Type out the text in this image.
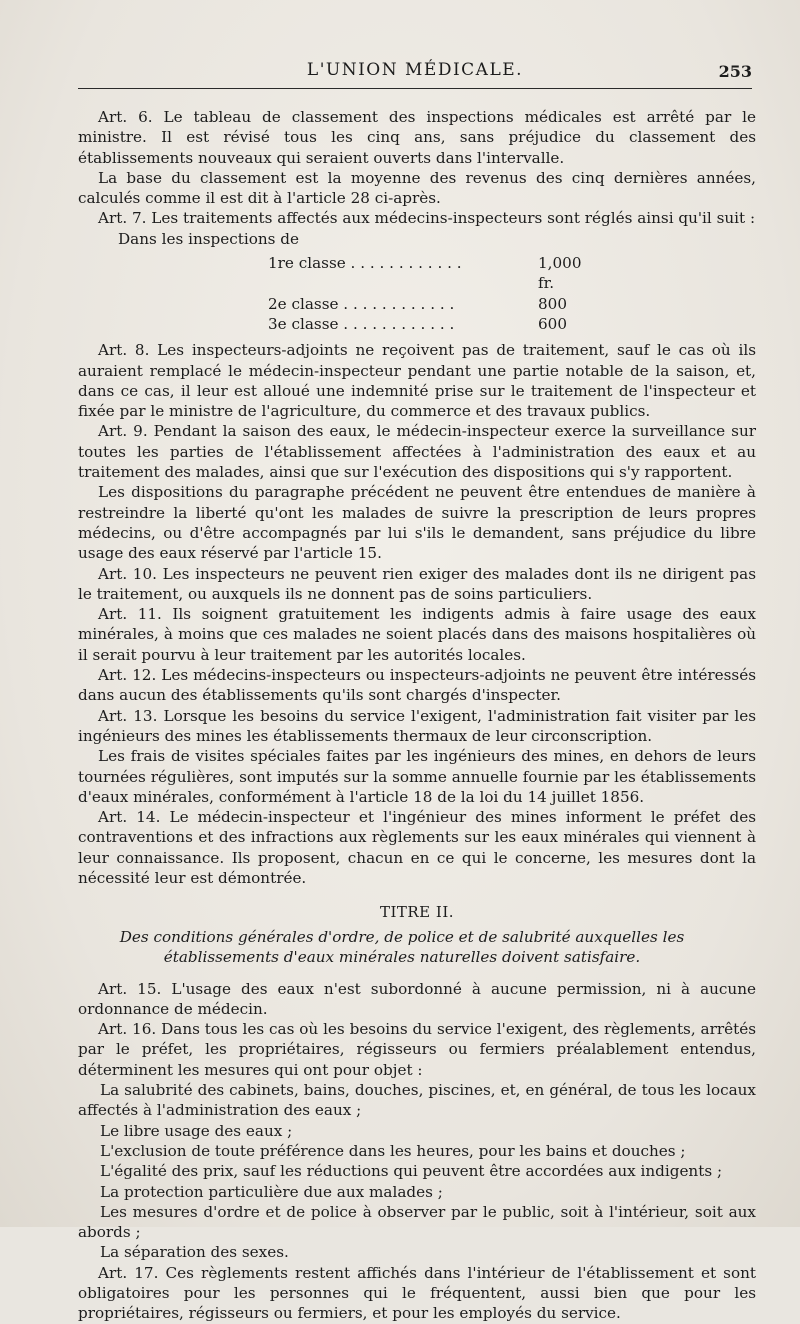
L'UNION MÉDICALE.	253

Art. 6. Le tableau de classement des inspections médicales est arrêté par le ministre. Il est révisé tous les cinq ans, sans préjudice du classement des établissements nouveaux qui seraient ouverts dans l'intervalle.

La base du classement est la moyenne des revenus des cinq dernières années, calculés comme il est dit à l'article 28 ci-après.

Art. 7. Les traitements affectés aux médecins-inspecteurs sont réglés ainsi qu'il suit :

Dans les inspections de

1re classe . . . . . . . . . . . .	1,000 fr.
2e classe . . . . . . . . . . . .	800
3e classe . . . . . . . . . . . .	600

Art. 8. Les inspecteurs-adjoints ne reçoivent pas de traitement, sauf le cas où ils auraient remplacé le médecin-inspecteur pendant une partie notable de la saison, et, dans ce cas, il leur est alloué une indemnité prise sur le traitement de l'inspecteur et fixée par le ministre de l'agriculture, du commerce et des travaux publics.

Art. 9. Pendant la saison des eaux, le médecin-inspecteur exerce la surveillance sur toutes les parties de l'établissement affectées à l'administration des eaux et au traitement des malades, ainsi que sur l'exécution des dispositions qui s'y rapportent.

Les dispositions du paragraphe précédent ne peuvent être entendues de manière à restreindre la liberté qu'ont les malades de suivre la prescription de leurs propres médecins, ou d'être accompagnés par lui s'ils le demandent, sans préjudice du libre usage des eaux réservé par l'article 15.

Art. 10. Les inspecteurs ne peuvent rien exiger des malades dont ils ne dirigent pas le traitement, ou auxquels ils ne donnent pas de soins particuliers.

Art. 11. Ils soignent gratuitement les indigents admis à faire usage des eaux minérales, à moins que ces malades ne soient placés dans des maisons hospitalières où il serait pourvu à leur traitement par les autorités locales.

Art. 12. Les médecins-inspecteurs ou inspecteurs-adjoints ne peuvent être intéressés dans aucun des établissements qu'ils sont chargés d'inspecter.

Art. 13. Lorsque les besoins du service l'exigent, l'administration fait visiter par les ingénieurs des mines les établissements thermaux de leur circonscription.

Les frais de visites spéciales faites par les ingénieurs des mines, en dehors de leurs tournées régulières, sont imputés sur la somme annuelle fournie par les établissements d'eaux minérales, conformément à l'article 18 de la loi du 14 juillet 1856.

Art. 14. Le médecin-inspecteur et l'ingénieur des mines informent le préfet des contraventions et des infractions aux règlements sur les eaux minérales qui viennent à leur connaissance. Ils proposent, chacun en ce qui le concerne, les mesures dont la nécessité leur est démontrée.

TITRE II.
Des conditions générales d'ordre, de police et de salubrité auxquelles les établissements d'eaux minérales naturelles doivent satisfaire.

Art. 15. L'usage des eaux n'est subordonné à aucune permission, ni à aucune ordonnance de médecin.

Art. 16. Dans tous les cas où les besoins du service l'exigent, des règlements, arrêtés par le préfet, les propriétaires, régisseurs ou fermiers préalablement entendus, déterminent les mesures qui ont pour objet :

La salubrité des cabinets, bains, douches, piscines, et, en général, de tous les locaux affectés à l'administration des eaux ;

Le libre usage des eaux ;

L'exclusion de toute préférence dans les heures, pour les bains et douches ;

L'égalité des prix, sauf les réductions qui peuvent être accordées aux indigents ;

La protection particulière due aux malades ;

Les mesures d'ordre et de police à observer par le public, soit à l'intérieur, soit aux abords ;

La séparation des sexes.

Art. 17. Ces règlements restent affichés dans l'intérieur de l'établissement et sont obligatoires pour les personnes qui le fréquentent, aussi bien que pour les propriétaires, régisseurs ou fermiers, et pour les employés du service.
